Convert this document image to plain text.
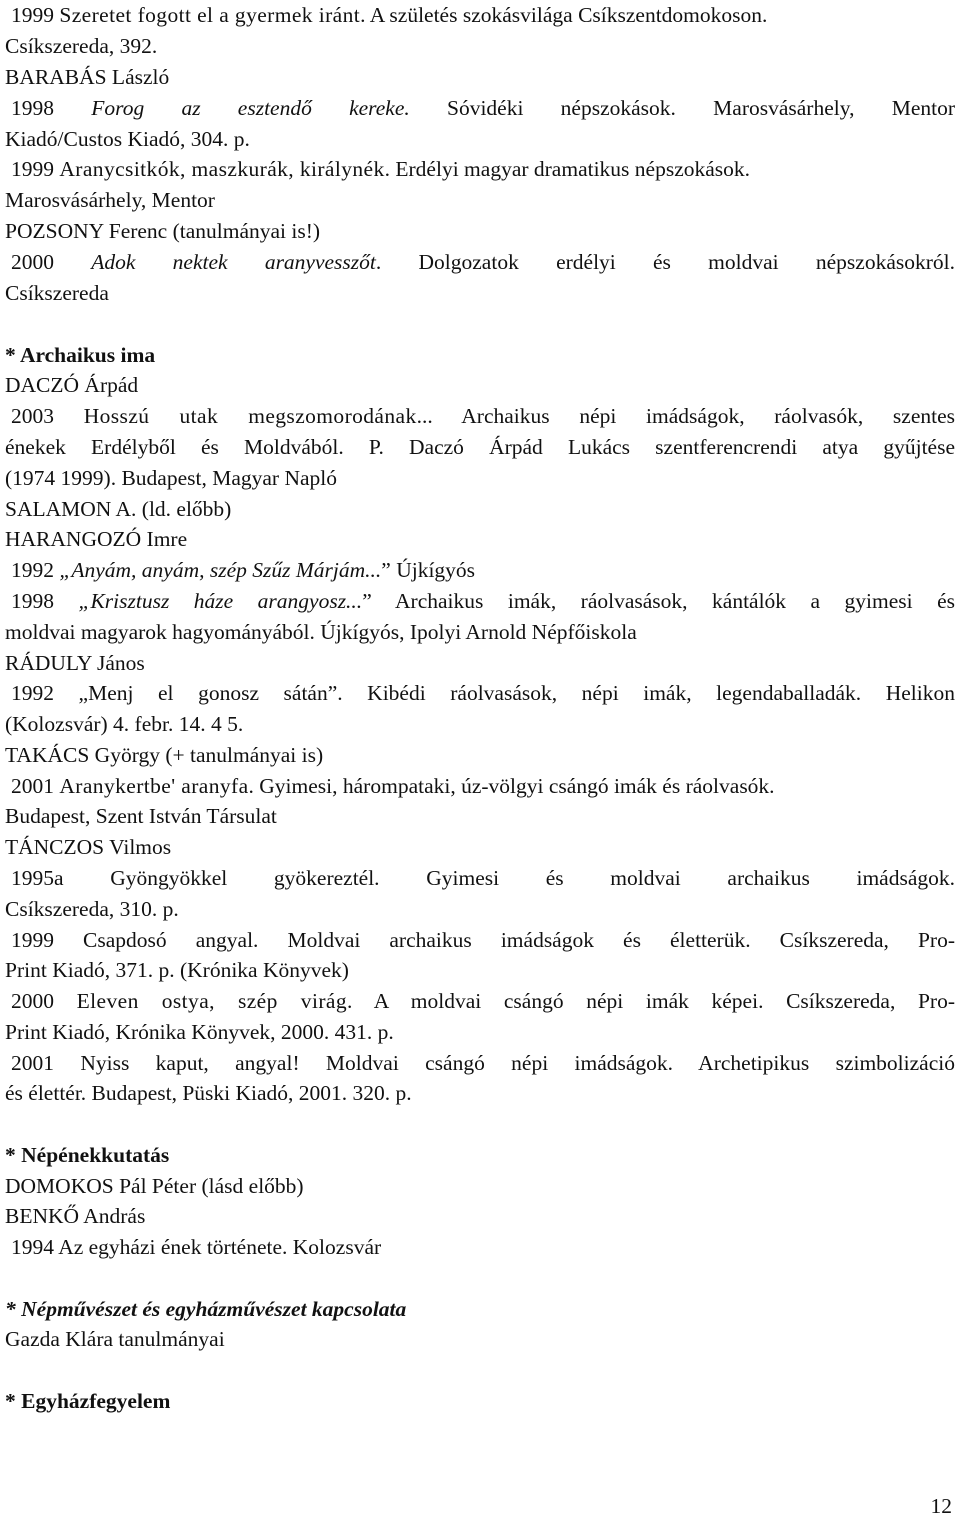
1999 Szeretet fogott el a gyermek iránt. A születés szokásvilága Csíkszentdomokoson.
Csíkszereda, 392.
BARABÁS László
1998 Forog az esztendő kereke. Sóvidéki népszokások. Marosvásárhely, Mentor
Kiadó/Custos Kiadó, 304. p.
1999 Aranycsitkók, maszkurák, királynék. Erdélyi magyar dramatikus népszokások.
Marosvásárhely, Mentor
POZSONY Ferenc (tanulmányai is!)
2000 Adok nektek aranyvesszőt. Dolgozatok erdélyi és moldvai népszokásokról.
Csíkszereda
* Archaikus ima
DACZÓ Árpád
2003 Hosszú utak megszomorodának... Archaikus népi imádságok, ráolvasók, szentes
énekek Erdélyből és Moldvából. P. Daczó Árpád Lukács szentferencrendi atya gyűjtése
(1974 1999). Budapest, Magyar Napló
SALAMON A. (ld. előbb)
HARANGOZÓ Imre
1992 „Anyám, anyám, szép Szűz Márjám...” Újkígyós
1998 „Krisztusz háze arangyosz...” Archaikus imák, ráolvasások, kántálók a gyimesi és
moldvai magyarok hagyományából. Újkígyós, Ipolyi Arnold Népfőiskola
RÁDULY János
1992 „Menj el gonosz sátán”. Kibédi ráolvasások, népi imák, legendaballadák. Helikon
(Kolozsvár) 4. febr. 14. 4 5.
TAKÁCS György (+ tanulmányai is)
2001 Aranykertbe' aranyfa. Gyimesi, hárompataki, úz-völgyi csángó imák és ráolvasók.
Budapest, Szent István Társulat
TÁNCZOS Vilmos
1995a Gyöngyökkel gyökereztél. Gyimesi és moldvai archaikus imádságok.
Csíkszereda, 310. p.
1999 Csapdosó angyal. Moldvai archaikus imádságok és életterük. Csíkszereda, Pro-
Print Kiadó, 371. p. (Krónika Könyvek)
2000 Eleven ostya, szép virág. A moldvai csángó népi imák képei. Csíkszereda, Pro-
Print Kiadó, Krónika Könyvek, 2000. 431. p.
2001 Nyiss kaput, angyal! Moldvai csángó népi imádságok. Archetipikus szimbolizáció
és élettér. Budapest, Püski Kiadó, 2001. 320. p.
* Népénekkutatás
DOMOKOS Pál Péter (lásd előbb)
BENKŐ András
1994 Az egyházi ének története. Kolozsvár
* Népművészet és egyházművészet kapcsolata
Gazda Klára tanulmányai
* Egyházfegyelem
12
